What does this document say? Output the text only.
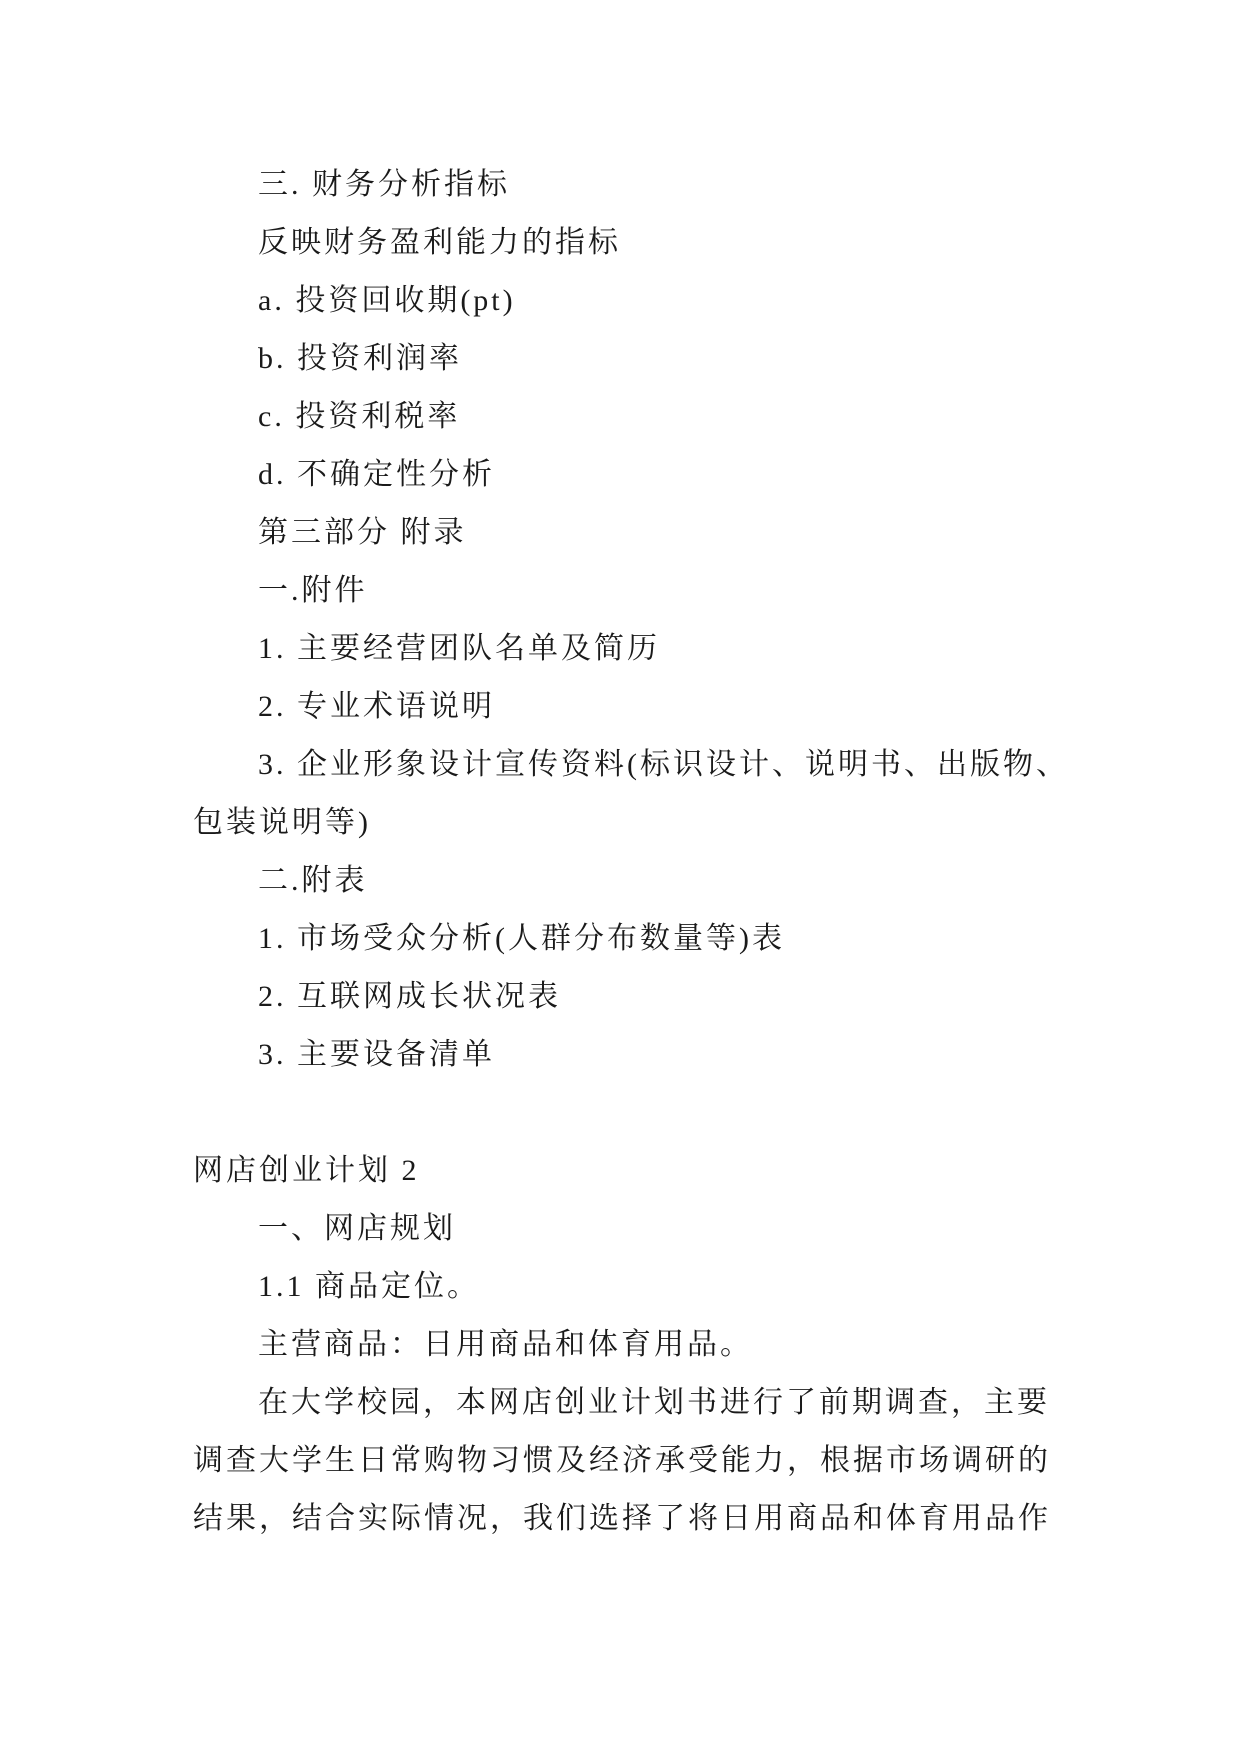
三. 财务分析指标

反映财务盈利能力的指标

a. 投资回收期(pt)

b. 投资利润率

c. 投资利税率

d. 不确定性分析

第三部分 附录

一.附件

1. 主要经营团队名单及简历

2. 专业术语说明

3. 企业形象设计宣传资料(标识设计、说明书、出版物、

包装说明等)

二.附表

1. 市场受众分析(人群分布数量等)表

2. 互联网成长状况表

3. 主要设备清单

网店创业计划 2

一、网店规划

1.1 商品定位。

主营商品：日用商品和体育用品。

在大学校园，本网店创业计划书进行了前期调查，主要

调查大学生日常购物习惯及经济承受能力，根据市场调研的

结果，结合实际情况，我们选择了将日用商品和体育用品作
